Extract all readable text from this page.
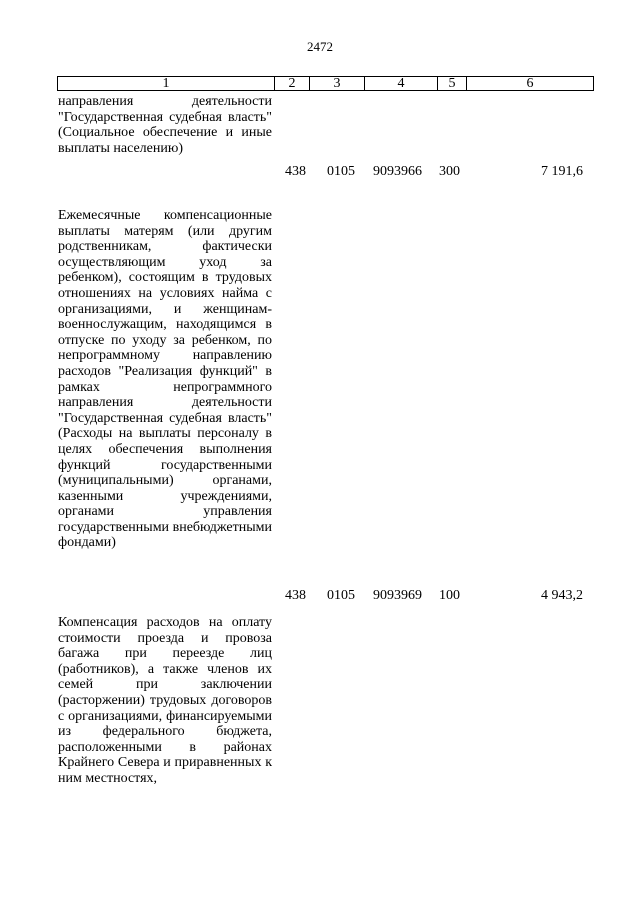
2472
1	2	3	4	5	6
направления деятельности "Государственная судебная власть" (Социальное обеспечение и иные выплаты населению)
438 0105 9093966 300	7 191,6
Ежемесячные компенсационные выплаты матерям (или другим родственникам, фактически осуществляющим уход за ребенком), состоящим в трудовых отношениях на условиях найма с организациями, и женщинам-военнослужащим, находящимся в отпуске по уходу за ребенком, по непрограммному направлению расходов "Реализация функций" в рамках непрограммного направления деятельности "Государственная судебная власть" (Расходы на выплаты персоналу в целях обеспечения выполнения функций государственными (муниципальными) органами, казенными учреждениями, органами управления государственными внебюджетными фондами)
438 0105 9093969 100	4 943,2
Компенсация расходов на оплату стоимости проезда и провоза багажа при переезде лиц (работников), а также членов их семей при заключении (расторжении) трудовых договоров с организациями, финансируемыми из федерального бюджета, расположенными в районах Крайнего Севера и приравненных к ним местностях,
